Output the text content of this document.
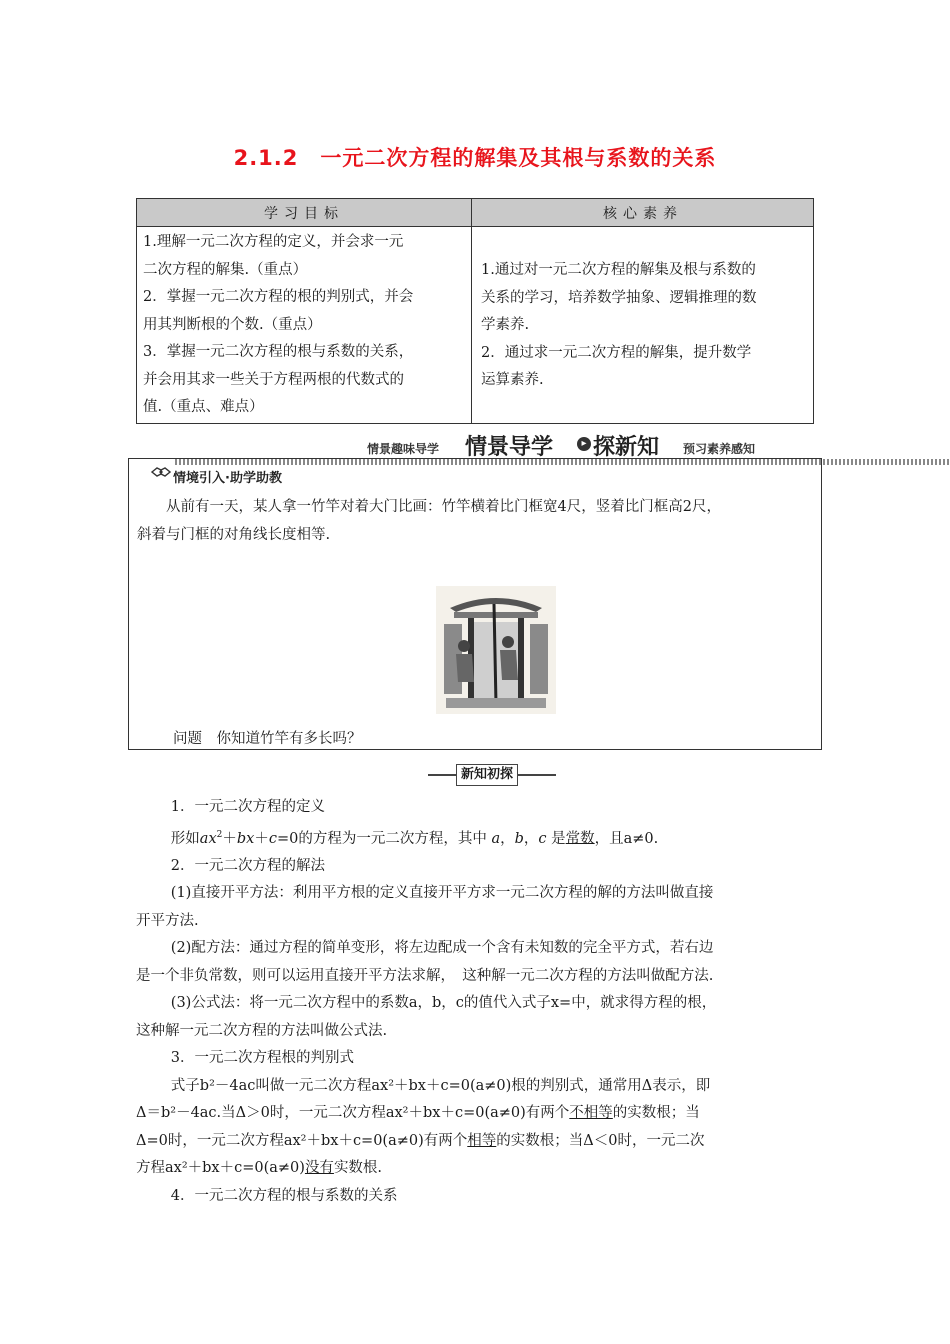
2.1.2　一元二次方程的解集及其根与系数的关系
学习目标	核心素养

1.理解一元二次方程的定义，并会求一元

二次方程的解集.（重点）

2．掌握一元二次方程的根的判别式，并会

用其判断根的个数.（重点）

3．掌握一元二次方程的根与系数的关系，

并会用其求一些关于方程两根的代数式的

值.（重点、难点）

1.通过对一元二次方程的解集及根与系数的

关系的学习，培养数学抽象、逻辑推理的数

学素养.

2．通过求一元二次方程的解集，提升数学

运算素养.

情景趣味导学 情景导学	▸ 探新知 预习素养感知
情境引入·助学助教

从前有一天，某人拿一竹竿对着大门比画：竹竿横着比门框宽4尺，竖着比门框高2尺，

斜着与门框的对角线长度相等.

问题　你知道竹竿有多长吗？
新知初探

1．一元二次方程的定义

形如$ax^2+bx+c=0$的方程为一元二次方程，其中 a，b，c 是常数，且a≠0.

2．一元二次方程的解法

(1)直接开平方法：利用平方根的定义直接开平方求一元二次方程的解的方法叫做直接

开平方法.

(2)配方法：通过方程的简单变形，将左边配成一个含有未知数的完全平方式，若右边

是一个非负常数，则可以运用直接开平方法求解，　这种解一元二次方程的方法叫做配方法.

(3)公式法：将一元二次方程中的系数a，b，c的值代入式子x=中，就求得方程的根，

这种解一元二次方程的方法叫做公式法.

3．一元二次方程根的判别式

式子b²－4ac叫做一元二次方程ax²＋bx＋c=0(a≠0)根的判别式，通常用Δ表示，即

Δ＝b²－4ac.当Δ＞0时，一元二次方程ax²＋bx＋c=0(a≠0)有两个不相等的实数根；当

Δ=0时，一元二次方程ax²＋bx＋c=0(a≠0)有两个相等的实数根；当Δ＜0时，一元二次

方程ax²＋bx＋c=0(a≠0)没有实数根.

4．一元二次方程的根与系数的关系
